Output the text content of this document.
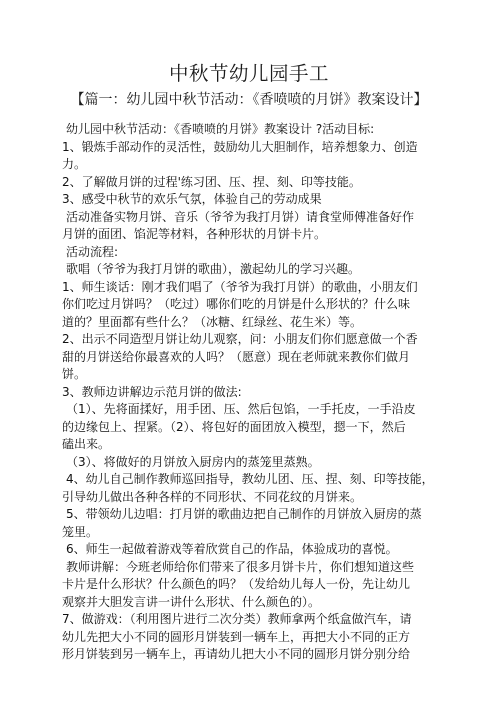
中秋节幼儿园手工
【篇一：幼儿园中秋节活动：《香喷喷的月饼》教案设计】
幼儿园中秋节活动：《香喷喷的月饼》教案设计 ?活动目标:
1、锻炼手部动作的灵活性，鼓励幼儿大胆制作，培养想象力、创造
力。
2、了解做月饼的过程'练习团、压、捏、刻、印等技能。
3、感受中秋节的欢乐气氛，体验自己的劳动成果
活动准备实物月饼、音乐（爷爷为我打月饼）请食堂师傅准备好作
月饼的面团、馅泥等材料，各种形状的月饼卡片。
活动流程:
歌唱（爷爷为我打月饼的歌曲），激起幼儿的学习兴趣。
1、师生谈话：刚才我们唱了（爷爷为我打月饼）的歌曲，小朋友们
你们吃过月饼吗？（吃过）哪你们吃的月饼是什么形状的？什么味
道的？里面都有些什么？（冰糖、红绿丝、花生米）等。
2、出示不同造型月饼让幼儿观察，问：小朋友们你们愿意做一个香
甜的月饼送给你最喜欢的人吗？（愿意）现在老师就来教你们做月
饼。
3、教师边讲解边示范月饼的做法:
（1）、先将面揉好，用手团、压、然后包馅，一手托皮，一手沿皮
的边缘包上、捏紧。（2）、将包好的面团放入模型，摁一下，然后
磕出来。
（3）、将做好的月饼放入厨房内的蒸笼里蒸熟。
4、幼儿自己制作教师巡回指导，教幼儿团、压、捏、刻、印等技能，
引导幼儿做出各种各样的不同形状、不同花纹的月饼来。
5、带领幼儿边唱：打月饼的歌曲边把自己制作的月饼放入厨房的蒸
笼里。
6、师生一起做着游戏等着欣赏自己的作品，体验成功的喜悦。
教师讲解：今班老师给你们带来了很多月饼卡片，你们想知道这些
卡片是什么形状？什么颜色的吗？（发给幼儿每人一份，先让幼儿
观察并大胆发言讲一讲什么形状、什么颜色的）。
7、做游戏：（利用图片进行二次分类）教师拿两个纸盒做汽车，请
幼儿先把大小不同的圆形月饼装到一辆车上，再把大小不同的正方
形月饼装到另一辆车上，再请幼儿把大小不同的圆形月饼分别分给
